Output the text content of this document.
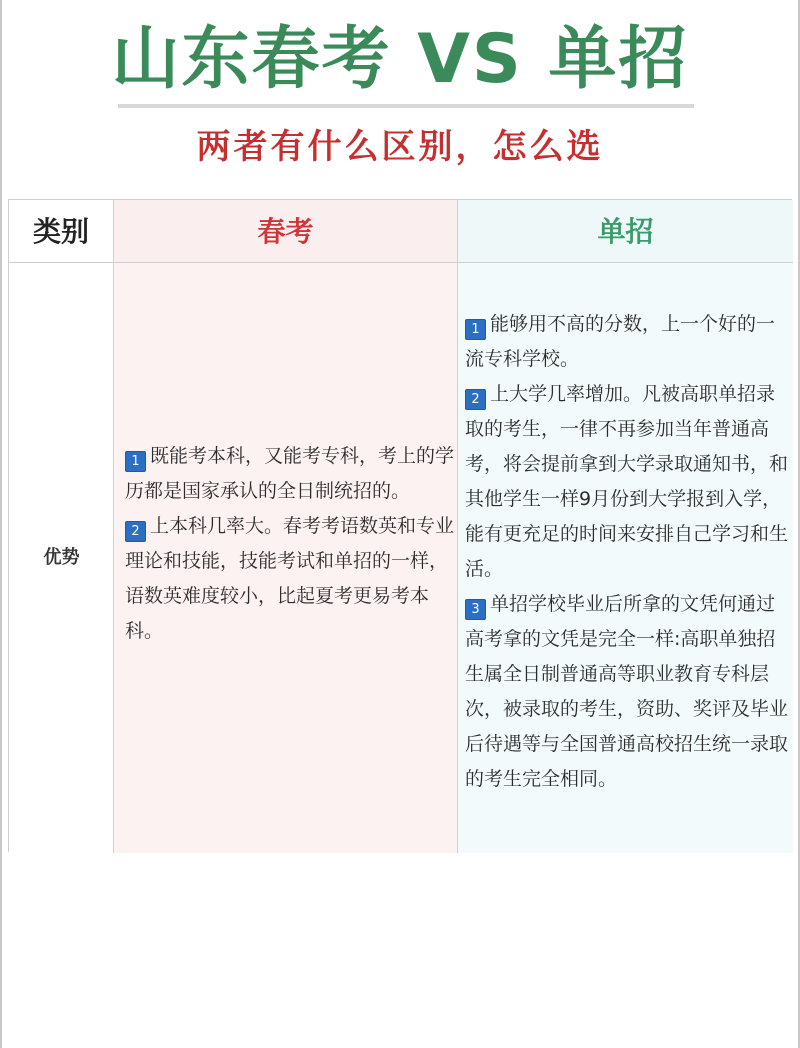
山东春考 VS 单招
两者有什么区别，怎么选
类别	春考	单招
优势
1 既能考本科，又能考专科，考上的学历都是国家承认的全日制统招的。
2 上本科几率大。春考考语数英和专业理论和技能，技能考试和单招的一样，语数英难度较小，比起夏考更易考本科。
1 能够用不高的分数，上一个好的一流专科学校。
2 上大学几率增加。凡被高职单招录取的考生，一律不再参加当年普通高考，将会提前拿到大学录取通知书，和其他学生一样9月份到大学报到入学，能有更充足的时间来安排自己学习和生活。
3 单招学校毕业后所拿的文凭何通过高考拿的文凭是完全一样:高职单独招生属全日制普通高等职业教育专科层次，被录取的考生，资助、奖评及毕业后待遇等与全国普通高校招生统一录取的考生完全相同。
